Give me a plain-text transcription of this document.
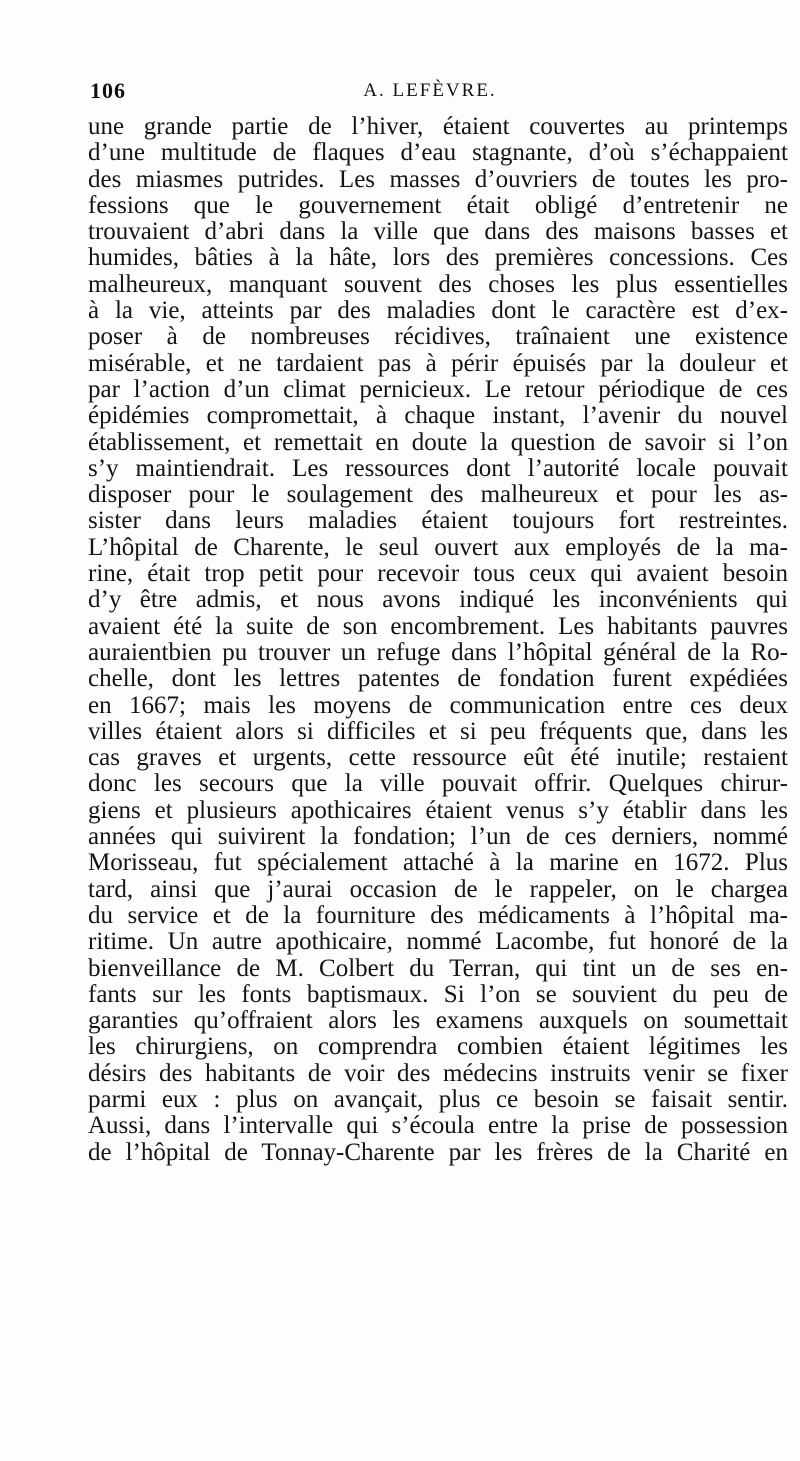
106	A. LEFÈVRE.
une grande partie de l’hiver, étaient couvertes au printemps
d’une multitude de flaques d’eau stagnante, d’où s’échappaient
des miasmes putrides. Les masses d’ouvriers de toutes les pro-
fessions que le gouvernement était obligé d’entretenir ne
trouvaient d’abri dans la ville que dans des maisons basses et
humides, bâties à la hâte, lors des premières concessions. Ces
malheureux, manquant souvent des choses les plus essentielles
à la vie, atteints par des maladies dont le caractère est d’ex-
poser à de nombreuses récidives, traînaient une existence
misérable, et ne tardaient pas à périr épuisés par la douleur et
par l’action d’un climat pernicieux. Le retour périodique de ces
épidémies compromettait, à chaque instant, l’avenir du nouvel
établissement, et remettait en doute la question de savoir si l’on
s’y maintiendrait. Les ressources dont l’autorité locale pouvait
disposer pour le soulagement des malheureux et pour les as-
sister dans leurs maladies étaient toujours fort restreintes.
L’hôpital de Charente, le seul ouvert aux employés de la ma-
rine, était trop petit pour recevoir tous ceux qui avaient besoin
d’y être admis, et nous avons indiqué les inconvénients qui
avaient été la suite de son encombrement. Les habitants pauvres
auraientbien pu trouver un refuge dans l’hôpital général de la Ro-
chelle, dont les lettres patentes de fondation furent expédiées
en 1667; mais les moyens de communication entre ces deux
villes étaient alors si difficiles et si peu fréquents que, dans les
cas graves et urgents, cette ressource eût été inutile; restaient
donc les secours que la ville pouvait offrir. Quelques chirur-
giens et plusieurs apothicaires étaient venus s’y établir dans les
années qui suivirent la fondation; l’un de ces derniers, nommé
Morisseau, fut spécialement attaché à la marine en 1672. Plus
tard, ainsi que j’aurai occasion de le rappeler, on le chargea
du service et de la fourniture des médicaments à l’hôpital ma-
ritime. Un autre apothicaire, nommé Lacombe, fut honoré de la
bienveillance de M. Colbert du Terran, qui tint un de ses en-
fants sur les fonts baptismaux. Si l’on se souvient du peu de
garanties qu’offraient alors les examens auxquels on soumettait
les chirurgiens, on comprendra combien étaient légitimes les
désirs des habitants de voir des médecins instruits venir se fixer
parmi eux : plus on avançait, plus ce besoin se faisait sentir.
Aussi, dans l’intervalle qui s’écoula entre la prise de possession
de l’hôpital de Tonnay-Charente par les frères de la Charité en
